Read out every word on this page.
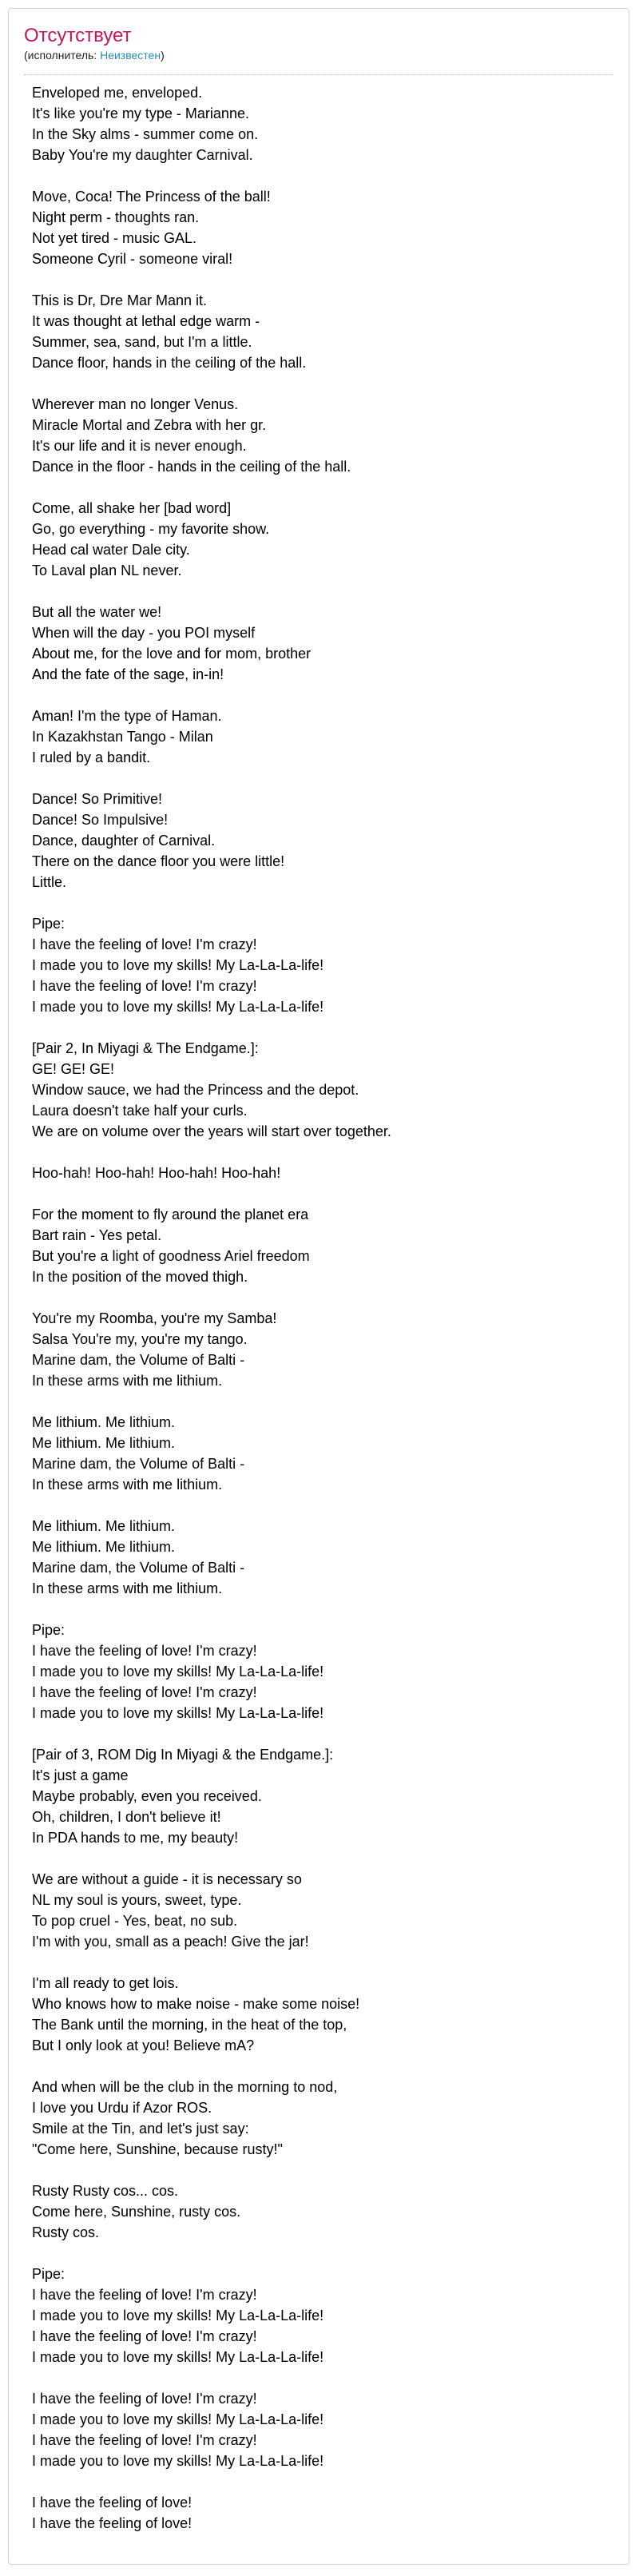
Отсутствует
(исполнитель: Неизвестен)
Enveloped me, enveloped.
It's like you're my type - Marianne.
In the Sky alms - summer come on.
Baby You're my daughter Carnival.
Move, Coca! The Princess of the ball!
Night perm - thoughts ran.
Not yet tired - music GAL.
Someone Cyril - someone viral!
This is Dr, Dre Mar Mann it.
It was thought at lethal edge warm -
Summer, sea, sand, but I'm a little.
Dance floor, hands in the ceiling of the hall.
Wherever man no longer Venus.
Miracle Mortal and Zebra with her gr.
It's our life and it is never enough.
Dance in the floor - hands in the ceiling of the hall.
Come, all shake her [bad word]
Go, go everything - my favorite show.
Head cal water Dale city.
To Laval plan NL never.
But all the water we!
When will the day - you POI myself
About me, for the love and for mom, brother
And the fate of the sage, in-in!
Aman! I'm the type of Haman.
In Kazakhstan Tango - Milan
I ruled by a bandit.
Dance! So Primitive!
Dance! So Impulsive!
Dance, daughter of Carnival.
There on the dance floor you were little!
Little.
Pipe:
I have the feeling of love! I'm crazy!
I made you to love my skills! My La-La-La-life!
I have the feeling of love! I'm crazy!
I made you to love my skills! My La-La-La-life!
[Pair 2, In Miyagi & The Endgame.]:
GE! GE! GE!
Window sauce, we had the Princess and the depot.
Laura doesn't take half your curls.
We are on volume over the years will start over together.
Hoo-hah! Hoo-hah! Hoo-hah! Hoo-hah!
For the moment to fly around the planet era
Bart rain - Yes petal.
But you're a light of goodness Ariel freedom
In the position of the moved thigh.
You're my Roomba, you're my Samba!
Salsa You're my, you're my tango.
Marine dam, the Volume of Balti -
In these arms with me lithium.
Me lithium. Me lithium.
Me lithium. Me lithium.
Marine dam, the Volume of Balti -
In these arms with me lithium.
Me lithium. Me lithium.
Me lithium. Me lithium.
Marine dam, the Volume of Balti -
In these arms with me lithium.
Pipe:
I have the feeling of love! I'm crazy!
I made you to love my skills! My La-La-La-life!
I have the feeling of love! I'm crazy!
I made you to love my skills! My La-La-La-life!
[Pair of 3, ROM Dig In Miyagi & the Endgame.]:
It's just a game
Maybe probably, even you received.
Oh, children, I don't believe it!
In PDA hands to me, my beauty!
We are without a guide - it is necessary so
NL my soul is yours, sweet, type.
To pop cruel - Yes, beat, no sub.
I'm with you, small as a peach! Give the jar!
I'm all ready to get lois.
Who knows how to make noise - make some noise!
The Bank until the morning, in the heat of the top,
But I only look at you! Believe mA?
And when will be the club in the morning to nod,
I love you Urdu if Azor ROS.
Smile at the Tin, and let's just say:
"Come here, Sunshine, because rusty!"
Rusty Rusty cos... cos.
Come here, Sunshine, rusty cos.
Rusty cos.
Pipe:
I have the feeling of love! I'm crazy!
I made you to love my skills! My La-La-La-life!
I have the feeling of love! I'm crazy!
I made you to love my skills! My La-La-La-life!
I have the feeling of love! I'm crazy!
I made you to love my skills! My La-La-La-life!
I have the feeling of love! I'm crazy!
I made you to love my skills! My La-La-La-life!
I have the feeling of love!
I have the feeling of love!
